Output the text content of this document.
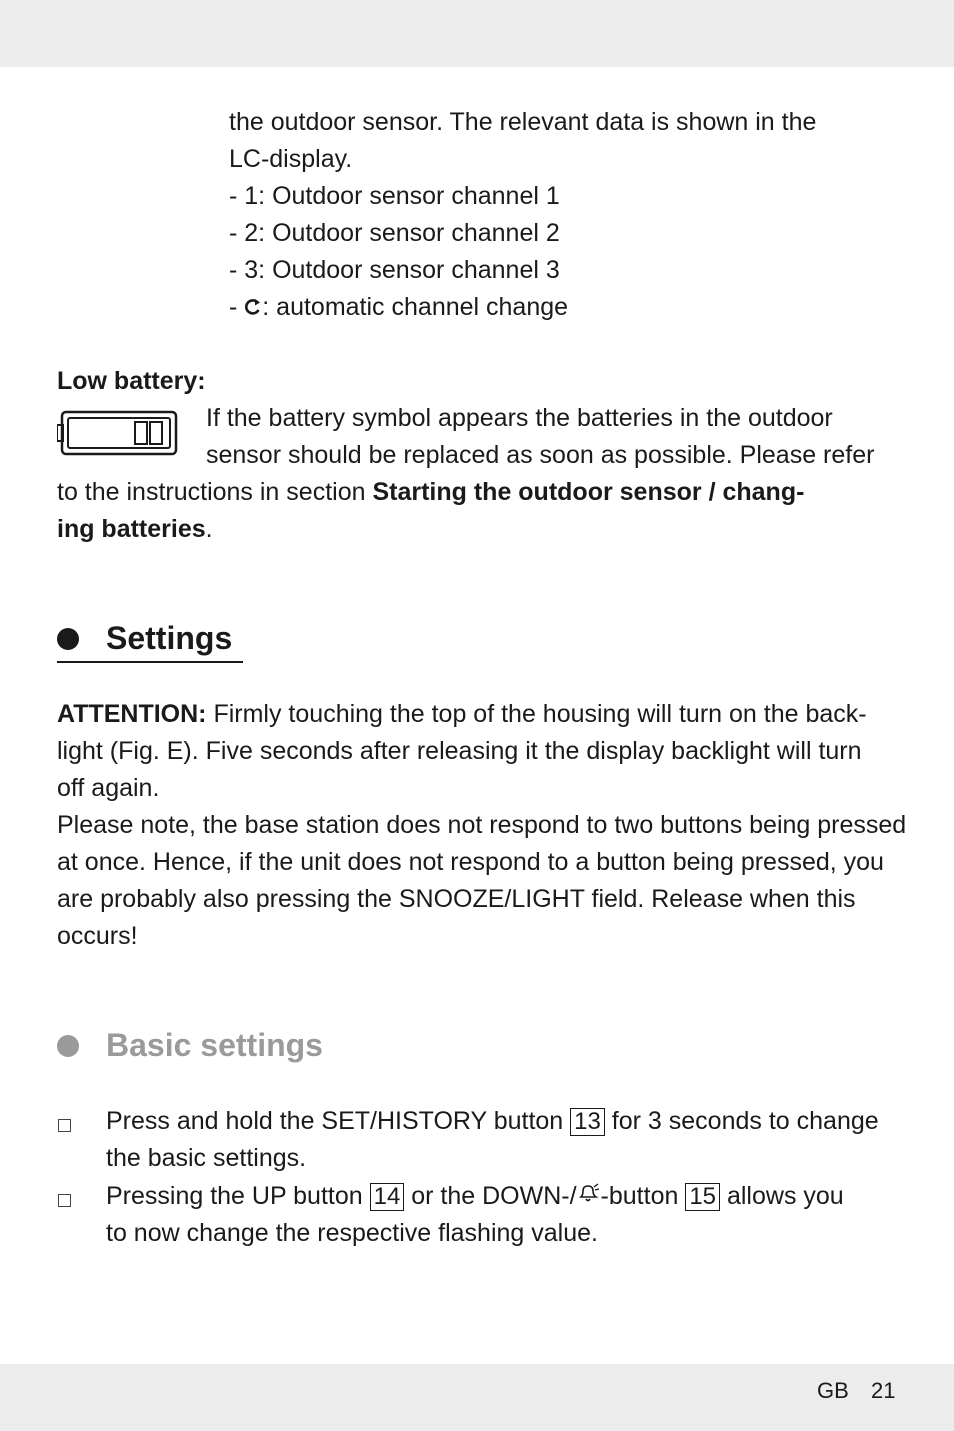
the outdoor sensor. The relevant data is shown in the
LC-display.
- 1: Outdoor sensor channel 1
- 2: Outdoor sensor channel 2
- 3: Outdoor sensor channel 3
- : automatic channel change
Low battery:
If the battery symbol appears the batteries in the outdoor
sensor should be replaced as soon as possible. Please refer
to the instructions in section Starting the outdoor sensor / chang-
ing batteries.
Settings
ATTENTION: Firmly touching the top of the housing will turn on the back-
light (Fig. E). Five seconds after releasing it the display backlight will turn
off again.
Please note, the base station does not respond to two buttons being pressed
at once. Hence, if the unit does not respond to a button being pressed, you
are probably also pressing the SNOOZE/LIGHT field. Release when this
occurs!
Basic settings
Press and hold the SET/HISTORY button 13 for 3 seconds to change
the basic settings.
Pressing the UP button 14 or the DOWN-/ -button 15 allows you
to now change the respective flashing value.
GB 21
